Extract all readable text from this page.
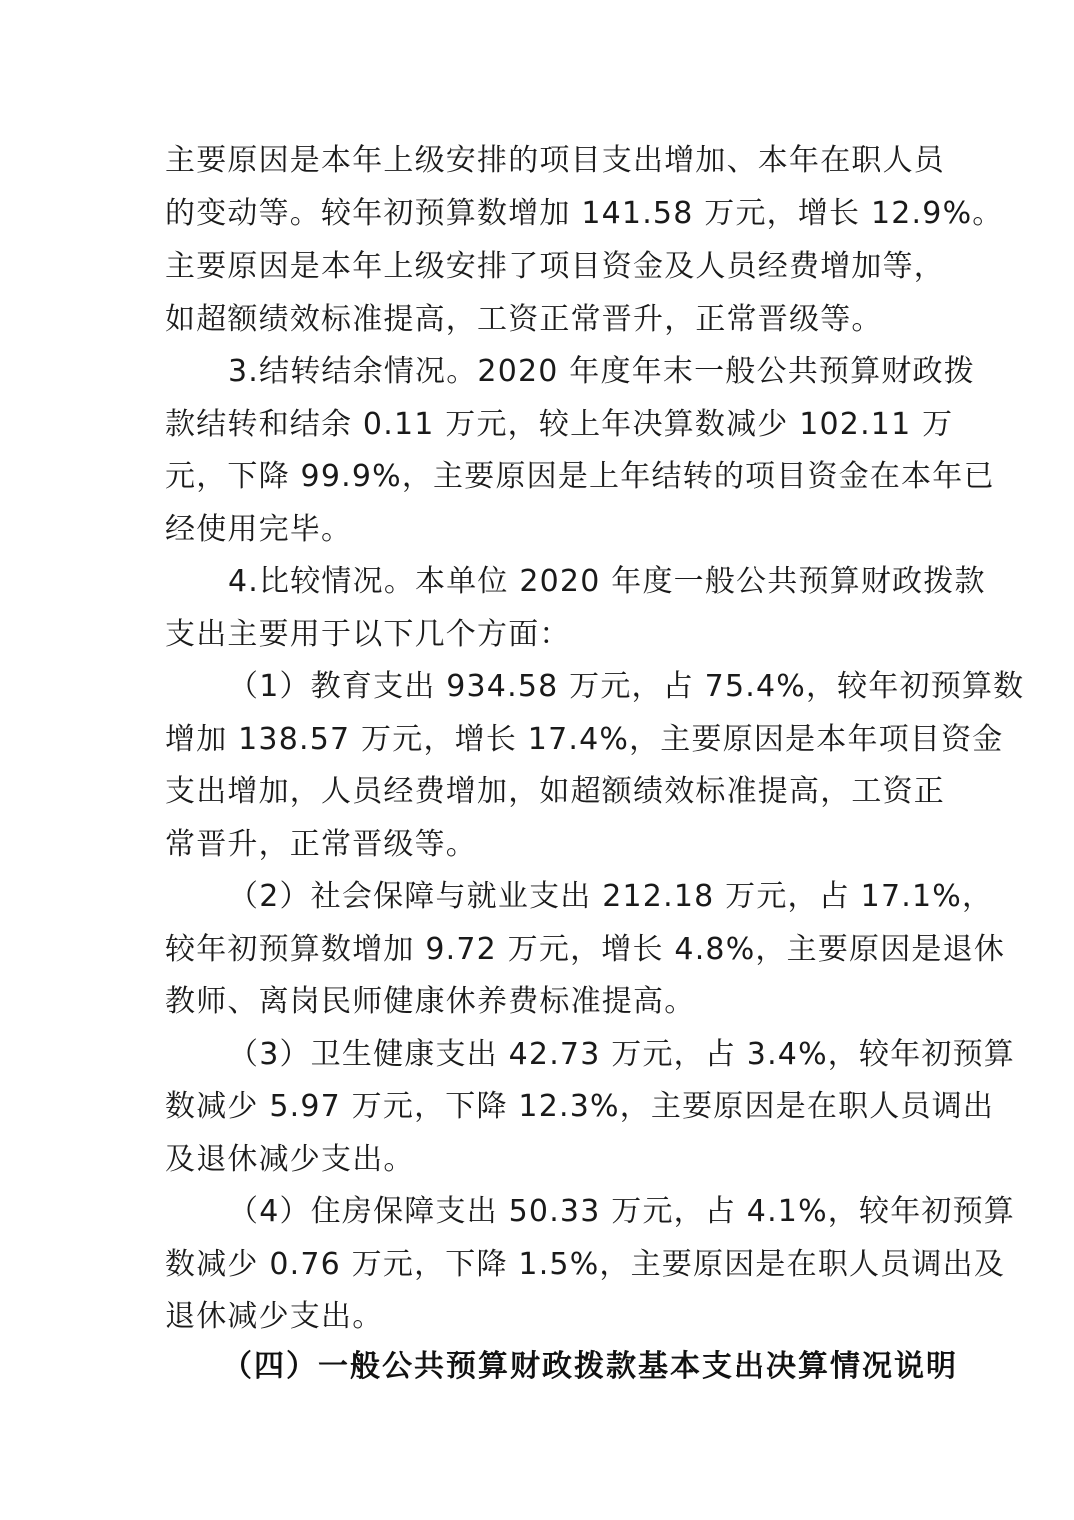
主要原因是本年上级安排的项目支出增加、本年在职人员
的变动等。较年初预算数增加 141.58 万元，增长 12.9%。
主要原因是本年上级安排了项目资金及人员经费增加等，
如超额绩效标准提高，工资正常晋升，正常晋级等。
3.结转结余情况。2020 年度年末一般公共预算财政拨
款结转和结余 0.11 万元，较上年决算数减少 102.11 万
元，下降 99.9%，主要原因是上年结转的项目资金在本年已
经使用完毕。
4.比较情况。本单位 2020 年度一般公共预算财政拨款
支出主要用于以下几个方面：
（1）教育支出 934.58 万元，占 75.4%，较年初预算数
增加 138.57 万元，增长 17.4%，主要原因是本年项目资金
支出增加，人员经费增加，如超额绩效标准提高，工资正
常晋升，正常晋级等。
（2）社会保障与就业支出 212.18 万元，占 17.1%，
较年初预算数增加 9.72 万元，增长 4.8%，主要原因是退休
教师、离岗民师健康休养费标准提高。
（3）卫生健康支出 42.73 万元，占 3.4%，较年初预算
数减少 5.97 万元，下降 12.3%，主要原因是在职人员调出
及退休减少支出。
（4）住房保障支出 50.33 万元，占 4.1%，较年初预算
数减少 0.76 万元，下降 1.5%，主要原因是在职人员调出及
退休减少支出。
（四）一般公共预算财政拨款基本支出决算情况说明
